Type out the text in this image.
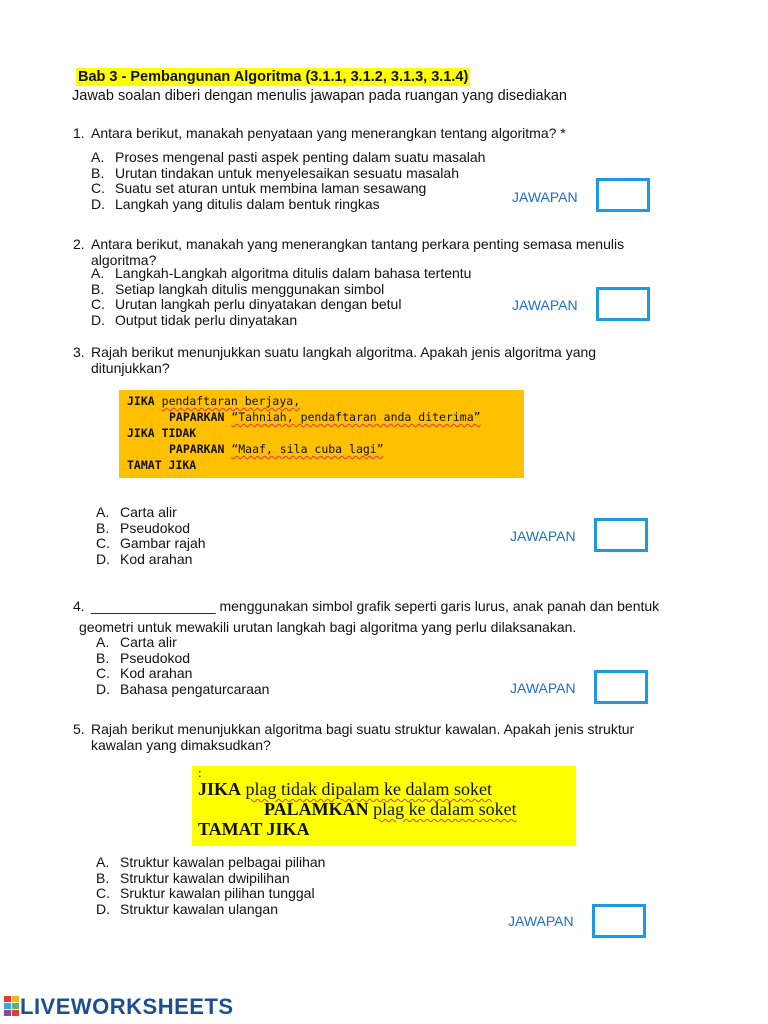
Bab 3 - Pembangunan Algoritma (3.1.1, 3.1.2, 3.1.3, 3.1.4)
Jawab soalan diberi dengan menulis jawapan pada ruangan yang disediakan
1. Antara berikut, manakah penyataan yang menerangkan tentang algoritma? *
A. Proses mengenal pasti aspek penting dalam suatu masalah
B. Urutan tindakan untuk menyelesaikan sesuatu masalah
C. Suatu set aturan untuk membina laman sesawang
D. Langkah yang ditulis dalam bentuk ringkas	JAWAPAN
2. Antara berikut, manakah yang menerangkan tantang perkara penting semasa menulis
algoritma?
A. Langkah-Langkah algoritma ditulis dalam bahasa tertentu
B. Setiap langkah ditulis menggunakan simbol
C. Urutan langkah perlu dinyatakan dengan betul
D. Output tidak perlu dinyatakan
JAWAPAN
3. Rajah berikut menunjukkan suatu langkah algoritma. Apakah jenis algoritma yang
ditunjukkan?
JIKA pendaftaran berjaya,
PAPARKAN “Tahniah, pendaftaran anda diterima”
JIKA TIDAK
PAPARKAN “Maaf, sila cuba lagi”
TAMAT JIKA
A. Carta alir
B. Pseudokod
C. Gambar rajah
D. Kod arahan
JAWAPAN
4. ________________ menggunakan simbol grafik seperti garis lurus, anak panah dan bentuk
geometri untuk mewakili urutan langkah bagi algoritma yang perlu dilaksanakan.
A. Carta alir
B. Pseudokod
C. Kod arahan
D. Bahasa pengaturcaraan	JAWAPAN
5. Rajah berikut menunjukkan algoritma bagi suatu struktur kawalan. Apakah jenis struktur
kawalan yang dimaksudkan?
:
JIKA plag tidak dipalam ke dalam soket
PALAMKAN plag ke dalam soket
TAMAT JIKA
A. Struktur kawalan pelbagai pilihan
B. Struktur kawalan dwipilihan
C. Sruktur kawalan pilihan tunggal
D. Struktur kawalan ulangan
JAWAPAN
LIVEWORKSHEETS
